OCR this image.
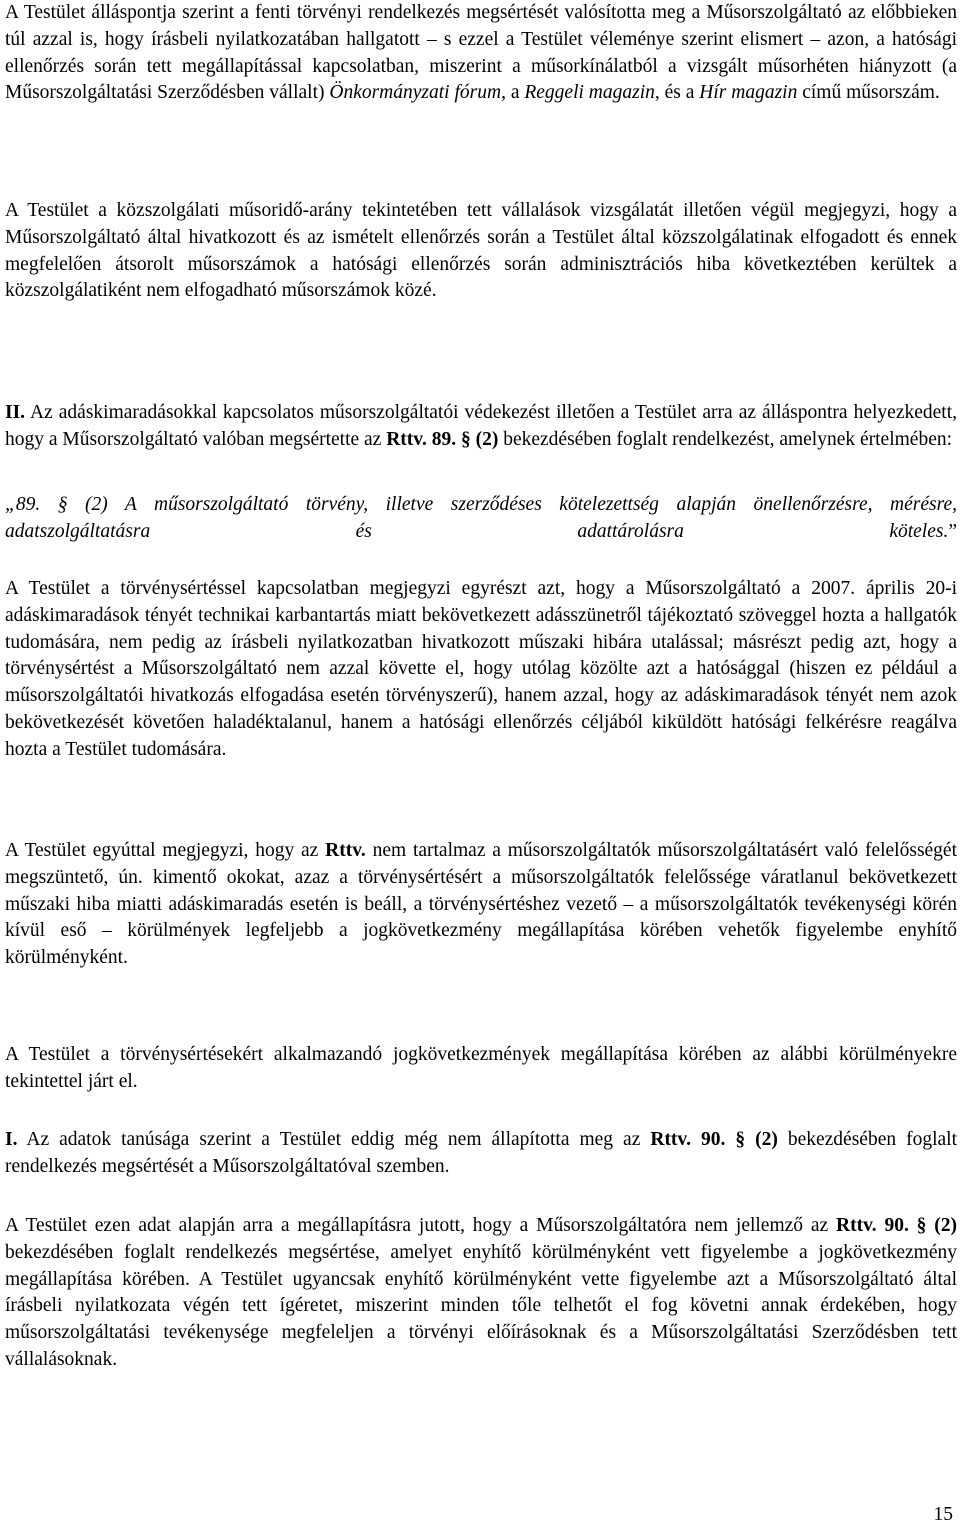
A Testület álláspontja szerint a fenti törvényi rendelkezés megsértését valósította meg a Műsorszolgáltató az előbbieken túl azzal is, hogy írásbeli nyilatkozatában hallgatott – s ezzel a Testület véleménye szerint elismert – azon, a hatósági ellenőrzés során tett megállapítással kapcsolatban, miszerint a műsorkínálatból a vizsgált műsorhéten hiányzott (a Műsorszolgáltatási Szerződésben vállalt) Önkormányzati fórum, a Reggeli magazin, és a Hír magazin című műsorszám.

A Testület a közszolgálati műsoridő-arány tekintetében tett vállalások vizsgálatát illetően végül megjegyzi, hogy a Műsorszolgáltató által hivatkozott és az ismételt ellenőrzés során a Testület által közszolgálatinak elfogadott és ennek megfelelően átsorolt műsorszámok a hatósági ellenőrzés során adminisztrációs hiba következtében kerültek a közszolgálatiként nem elfogadható műsorszámok közé.

II. Az adáskimaradásokkal kapcsolatos műsorszolgáltatói védekezést illetően a Testület arra az álláspontra helyezkedett, hogy a Műsorszolgáltató valóban megsértette az Rttv. 89. § (2) bekezdésében foglalt rendelkezést, amelynek értelmében:

„89. § (2) A műsorszolgáltató törvény, illetve szerződéses kötelezettség alapján önellenőrzésre, mérésre, adatszolgáltatásra és adattárolásra köteles.”

A Testület a törvénysértéssel kapcsolatban megjegyzi egyrészt azt, hogy a Műsorszolgáltató a 2007. április 20-i adáskimaradások tényét technikai karbantartás miatt bekövetkezett adásszünetről tájékoztató szöveggel hozta a hallgatók tudomására, nem pedig az írásbeli nyilatkozatban hivatkozott műszaki hibára utalással; másrészt pedig azt, hogy a törvénysértést a Műsorszolgáltató nem azzal követte el, hogy utólag közölte azt a hatósággal (hiszen ez például a műsorszolgáltatói hivatkozás elfogadása esetén törvényszerű), hanem azzal, hogy az adáskimaradások tényét nem azok bekövetkezését követően haladéktalanul, hanem a hatósági ellenőrzés céljából kiküldött hatósági felkérésre reagálva hozta a Testület tudomására.

A Testület egyúttal megjegyzi, hogy az Rttv. nem tartalmaz a műsorszolgáltatók műsorszolgáltatásért való felelősségét megszüntető, ún. kimentő okokat, azaz a törvénysértésért a műsorszolgáltatók felelőssége váratlanul bekövetkezett műszaki hiba miatti adáskimaradás esetén is beáll, a törvénysértéshez vezető – a műsorszolgáltatók tevékenységi körén kívül eső – körülmények legfeljebb a jogkövetkezmény megállapítása körében vehetők figyelembe enyhítő körülményként.

A Testület a törvénysértésekért alkalmazandó jogkövetkezmények megállapítása körében az alábbi körülményekre tekintettel járt el.

I. Az adatok tanúsága szerint a Testület eddig még nem állapította meg az Rttv. 90. § (2) bekezdésében foglalt rendelkezés megsértését a Műsorszolgáltatóval szemben.

A Testület ezen adat alapján arra a megállapításra jutott, hogy a Műsorszolgáltatóra nem jellemző az Rttv. 90. § (2) bekezdésében foglalt rendelkezés megsértése, amelyet enyhítő körülményként vett figyelembe a jogkövetkezmény megállapítása körében. A Testület ugyancsak enyhítő körülményként vette figyelembe azt a Műsorszolgáltató által írásbeli nyilatkozata végén tett ígéretet, miszerint minden tőle telhetőt el fog követni annak érdekében, hogy műsorszolgáltatási tevékenysége megfeleljen a törvényi előírásoknak és a Műsorszolgáltatási Szerződésben tett vállalásoknak.

15
